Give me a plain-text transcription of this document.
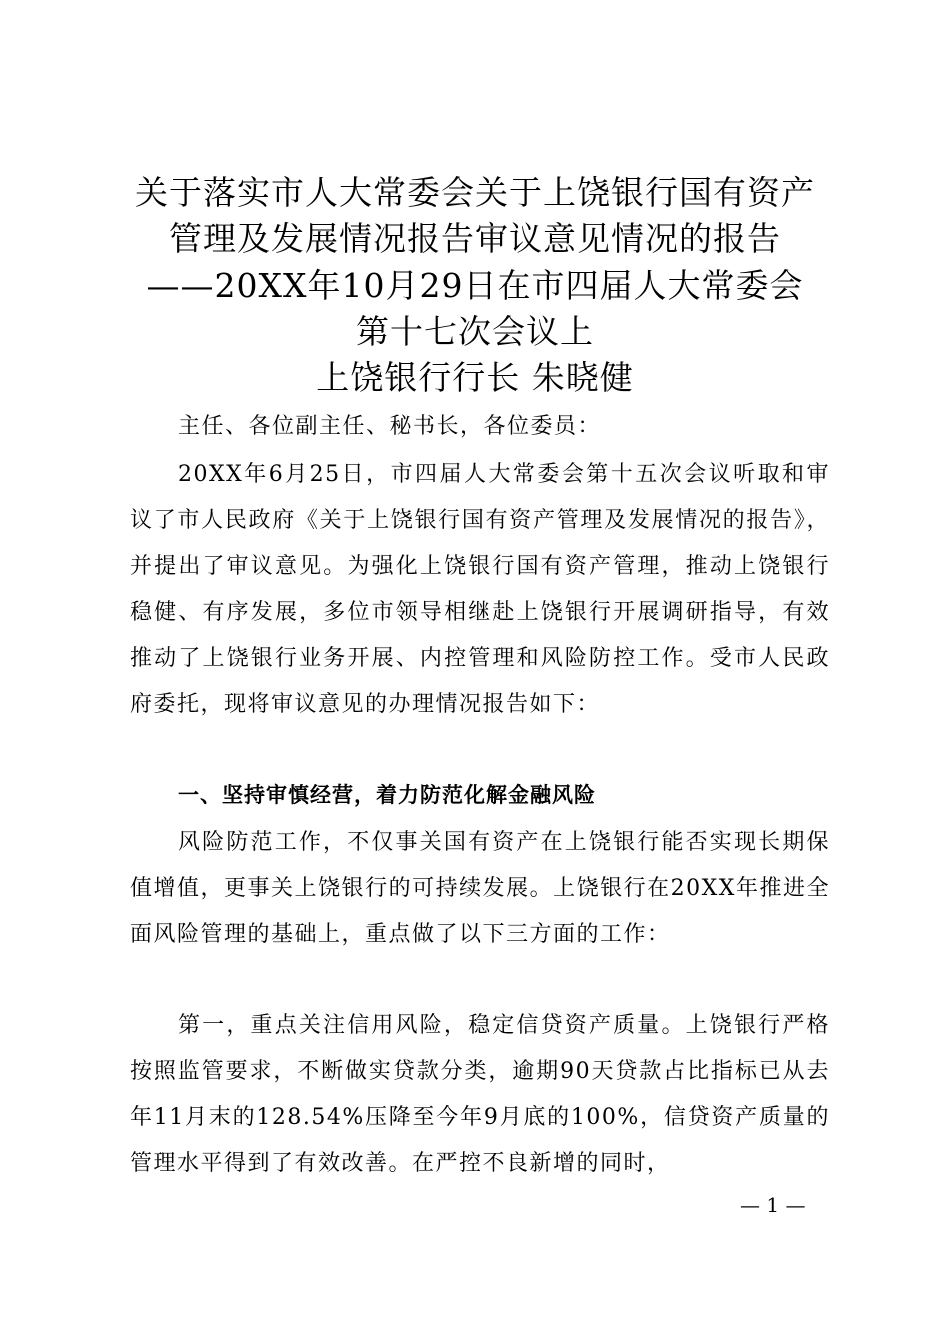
关于落实市人大常委会关于上饶银行国有资产
管理及发展情况报告审议意见情况的报告
——20XX年10月29日在市四届人大常委会
第十七次会议上
上饶银行行长 朱晓健
主任、各位副主任、秘书长，各位委员：
20XX年6月25日，市四届人大常委会第十五次会议听取和审议了市人民政府《关于上饶银行国有资产管理及发展情况的报告》，并提出了审议意见。为强化上饶银行国有资产管理，推动上饶银行稳健、有序发展，多位市领导相继赴上饶银行开展调研指导，有效推动了上饶银行业务开展、内控管理和风险防控工作。受市人民政府委托，现将审议意见的办理情况报告如下：
一、坚持审慎经营，着力防范化解金融风险
风险防范工作，不仅事关国有资产在上饶银行能否实现长期保值增值，更事关上饶银行的可持续发展。上饶银行在20XX年推进全面风险管理的基础上，重点做了以下三方面的工作：
第一，重点关注信用风险，稳定信贷资产质量。上饶银行严格按照监管要求，不断做实贷款分类，逾期90天贷款占比指标已从去年11月末的128.54%压降至今年9月底的100%，信贷资产质量的管理水平得到了有效改善。在严控不良新增的同时，
— 1 —
